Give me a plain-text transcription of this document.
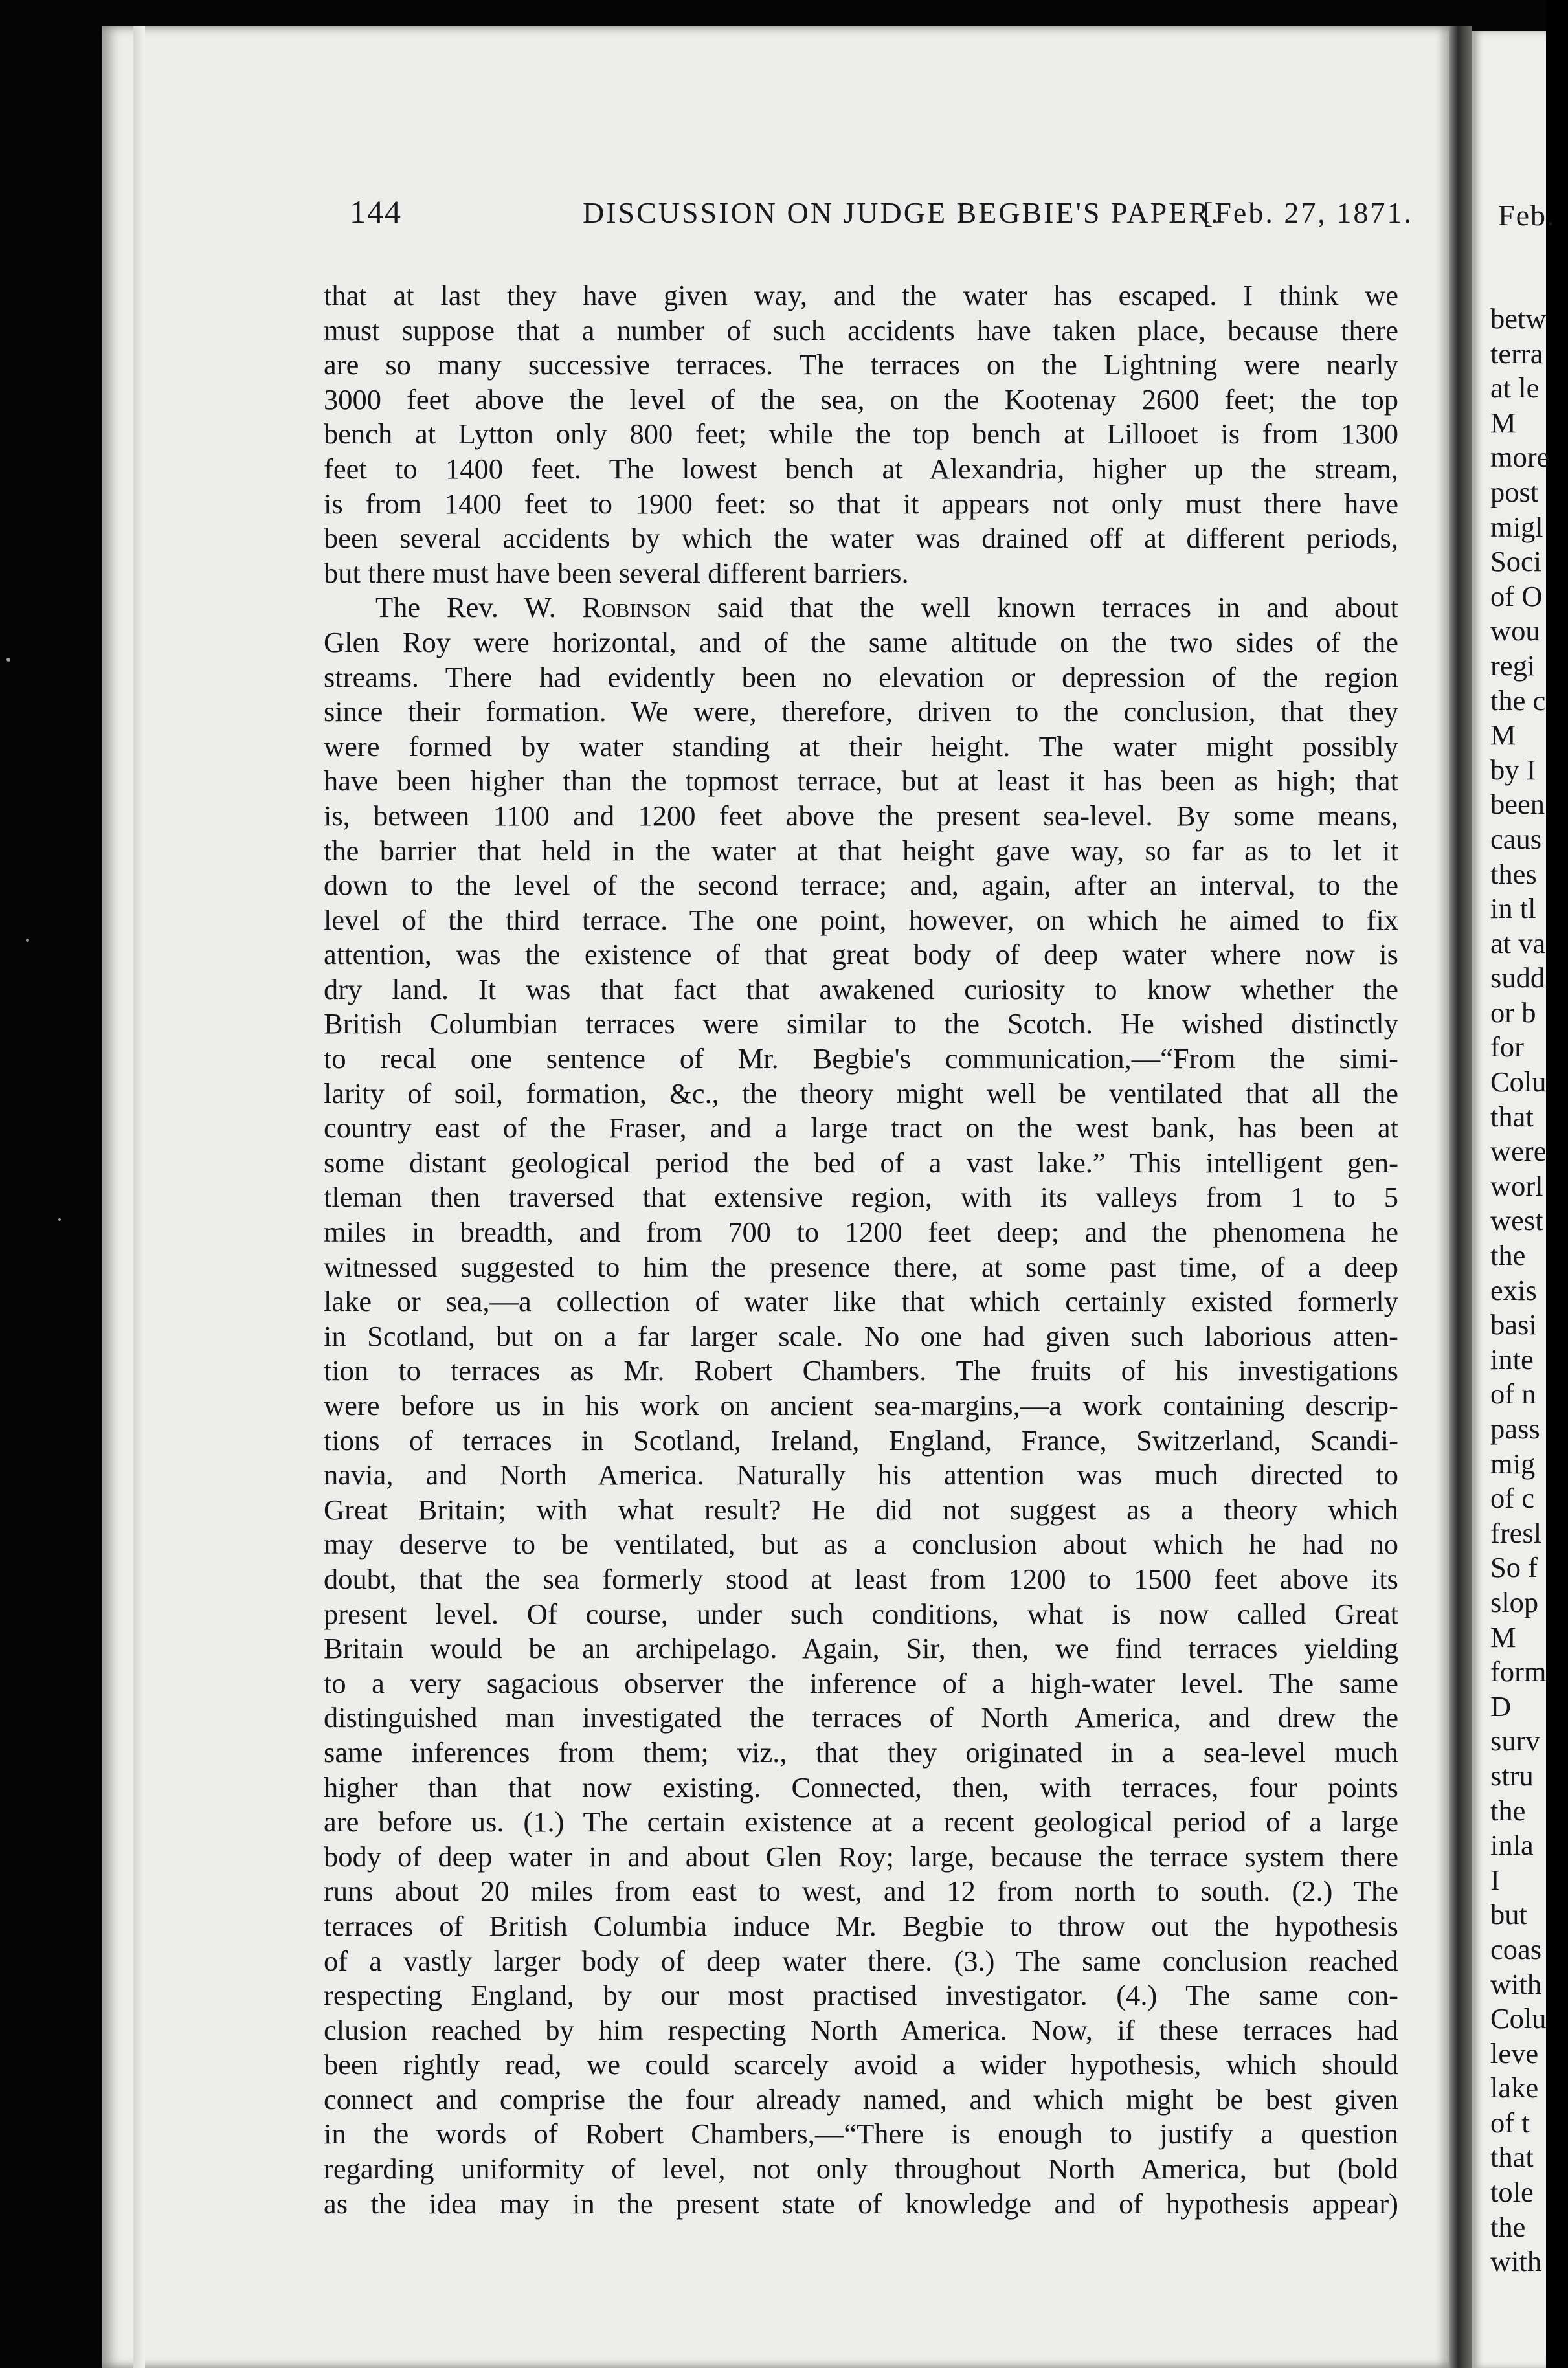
Feb.
betw
terra
at le
M
more
post
migl
Soci
of O
wou
regi
the c
M
by I
been
caus
thes
in tl
at va
sudd
or b
for
Colu
that
were
worl
west
the
exis
basi
inte
of n
pass
mig
of c
fresl
So f
slop
M
form
D
surv
stru
the
inla
I
but
coas
with
Colu
leve
lake
of t
that
tole
the
with
144	DISCUSSION ON JUDGE BEGBIE'S PAPER.
[Feb. 27, 1871.
that at last they have given way, and the water has escaped. I think we
must suppose that a number of such accidents have taken place, because there
are so many successive terraces. The terraces on the Lightning were nearly
3000 feet above the level of the sea, on the Kootenay 2600 feet; the top
bench at Lytton only 800 feet; while the top bench at Lillooet is from 1300
feet to 1400 feet. The lowest bench at Alexandria, higher up the stream,
is from 1400 feet to 1900 feet: so that it appears not only must there have
been several accidents by which the water was drained off at different periods,
but there must have been several different barriers.
The Rev. W. Robinson said that the well known terraces in and about
Glen Roy were horizontal, and of the same altitude on the two sides of the
streams. There had evidently been no elevation or depression of the region
since their formation. We were, therefore, driven to the conclusion, that they
were formed by water standing at their height. The water might possibly
have been higher than the topmost terrace, but at least it has been as high; that
is, between 1100 and 1200 feet above the present sea-level. By some means,
the barrier that held in the water at that height gave way, so far as to let it
down to the level of the second terrace; and, again, after an interval, to the
level of the third terrace. The one point, however, on which he aimed to fix
attention, was the existence of that great body of deep water where now is
dry land. It was that fact that awakened curiosity to know whether the
British Columbian terraces were similar to the Scotch. He wished distinctly
to recal one sentence of Mr. Begbie's communication,—“From the simi-
larity of soil, formation, &c., the theory might well be ventilated that all the
country east of the Fraser, and a large tract on the west bank, has been at
some distant geological period the bed of a vast lake.” This intelligent gen-
tleman then traversed that extensive region, with its valleys from 1 to 5
miles in breadth, and from 700 to 1200 feet deep; and the phenomena he
witnessed suggested to him the presence there, at some past time, of a deep
lake or sea,—a collection of water like that which certainly existed formerly
in Scotland, but on a far larger scale. No one had given such laborious atten-
tion to terraces as Mr. Robert Chambers. The fruits of his investigations
were before us in his work on ancient sea-margins,—a work containing descrip-
tions of terraces in Scotland, Ireland, England, France, Switzerland, Scandi-
navia, and North America. Naturally his attention was much directed to
Great Britain; with what result? He did not suggest as a theory which
may deserve to be ventilated, but as a conclusion about which he had no
doubt, that the sea formerly stood at least from 1200 to 1500 feet above its
present level. Of course, under such conditions, what is now called Great
Britain would be an archipelago. Again, Sir, then, we find terraces yielding
to a very sagacious observer the inference of a high-water level. The same
distinguished man investigated the terraces of North America, and drew the
same inferences from them; viz., that they originated in a sea-level much
higher than that now existing. Connected, then, with terraces, four points
are before us. (1.) The certain existence at a recent geological period of a large
body of deep water in and about Glen Roy; large, because the terrace system there
runs about 20 miles from east to west, and 12 from north to south. (2.) The
terraces of British Columbia induce Mr. Begbie to throw out the hypothesis
of a vastly larger body of deep water there. (3.) The same conclusion reached
respecting England, by our most practised investigator. (4.) The same con-
clusion reached by him respecting North America. Now, if these terraces had
been rightly read, we could scarcely avoid a wider hypothesis, which should
connect and comprise the four already named, and which might be best given
in the words of Robert Chambers,—“There is enough to justify a question
regarding uniformity of level, not only throughout North America, but (bold
as the idea may in the present state of knowledge and of hypothesis appear)
